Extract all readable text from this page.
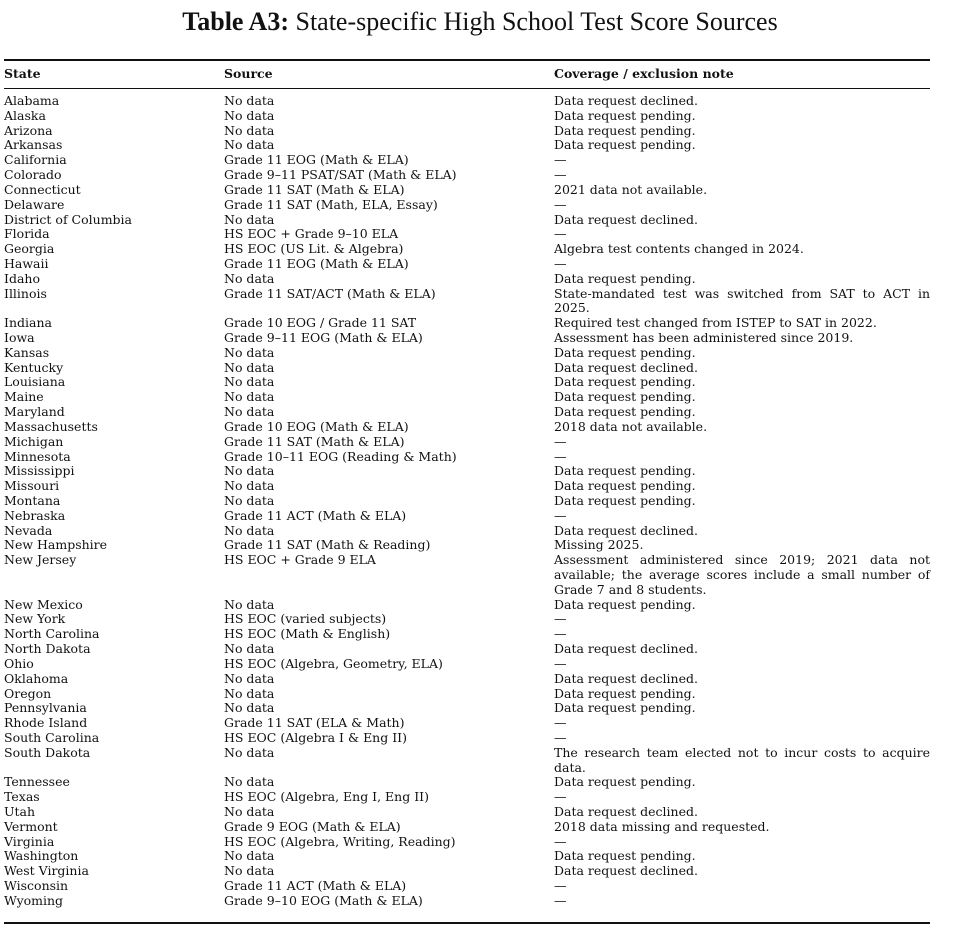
Table A3: State-specific High School Test Score Sources
State	Source	Coverage / exclusion note
Alabama	No data	Data request declined.
Alaska	No data	Data request pending.
Arizona	No data	Data request pending.
Arkansas	No data	Data request pending.
California	Grade 11 EOG (Math & ELA)	—
Colorado	Grade 9–11 PSAT/SAT (Math & ELA)	—
Connecticut	Grade 11 SAT (Math & ELA)	2021 data not available.
Delaware	Grade 11 SAT (Math, ELA, Essay)	—
District of Columbia	No data	Data request declined.
Florida	HS EOC + Grade 9–10 ELA	—
Georgia	HS EOC (US Lit. & Algebra)	Algebra test contents changed in 2024.
Hawaii	Grade 11 EOG (Math & ELA)	—
Idaho	No data	Data request pending.
Illinois	Grade 11 SAT/ACT (Math & ELA)	State-mandated test was switched from SAT to ACT in 2025.
Indiana	Grade 10 EOG / Grade 11 SAT	Required test changed from ISTEP to SAT in 2022.
Iowa	Grade 9–11 EOG (Math & ELA)	Assessment has been administered since 2019.
Kansas	No data	Data request pending.
Kentucky	No data	Data request declined.
Louisiana	No data	Data request pending.
Maine	No data	Data request pending.
Maryland	No data	Data request pending.
Massachusetts	Grade 10 EOG (Math & ELA)	2018 data not available.
Michigan	Grade 11 SAT (Math & ELA)	—
Minnesota	Grade 10–11 EOG (Reading & Math)	—
Mississippi	No data	Data request pending.
Missouri	No data	Data request pending.
Montana	No data	Data request pending.
Nebraska	Grade 11 ACT (Math & ELA)	—
Nevada	No data	Data request declined.
New Hampshire	Grade 11 SAT (Math & Reading)	Missing 2025.
New Jersey	HS EOC + Grade 9 ELA	Assessment administered since 2019; 2021 data not available; the average scores include a small number of Grade 7 and 8 students.
New Mexico	No data	Data request pending.
New York	HS EOC (varied subjects)	—
North Carolina	HS EOC (Math & English)	—
North Dakota	No data	Data request declined.
Ohio	HS EOC (Algebra, Geometry, ELA)	—
Oklahoma	No data	Data request declined.
Oregon	No data	Data request pending.
Pennsylvania	No data	Data request pending.
Rhode Island	Grade 11 SAT (ELA & Math)	—
South Carolina	HS EOC (Algebra I & Eng II)	—
South Dakota	No data	The research team elected not to incur costs to acquire data.
Tennessee	No data	Data request pending.
Texas	HS EOC (Algebra, Eng I, Eng II)	—
Utah	No data	Data request declined.
Vermont	Grade 9 EOG (Math & ELA)	2018 data missing and requested.
Virginia	HS EOC (Algebra, Writing, Reading)	—
Washington	No data	Data request pending.
West Virginia	No data	Data request declined.
Wisconsin	Grade 11 ACT (Math & ELA)	—
Wyoming	Grade 9–10 EOG (Math & ELA)	—
